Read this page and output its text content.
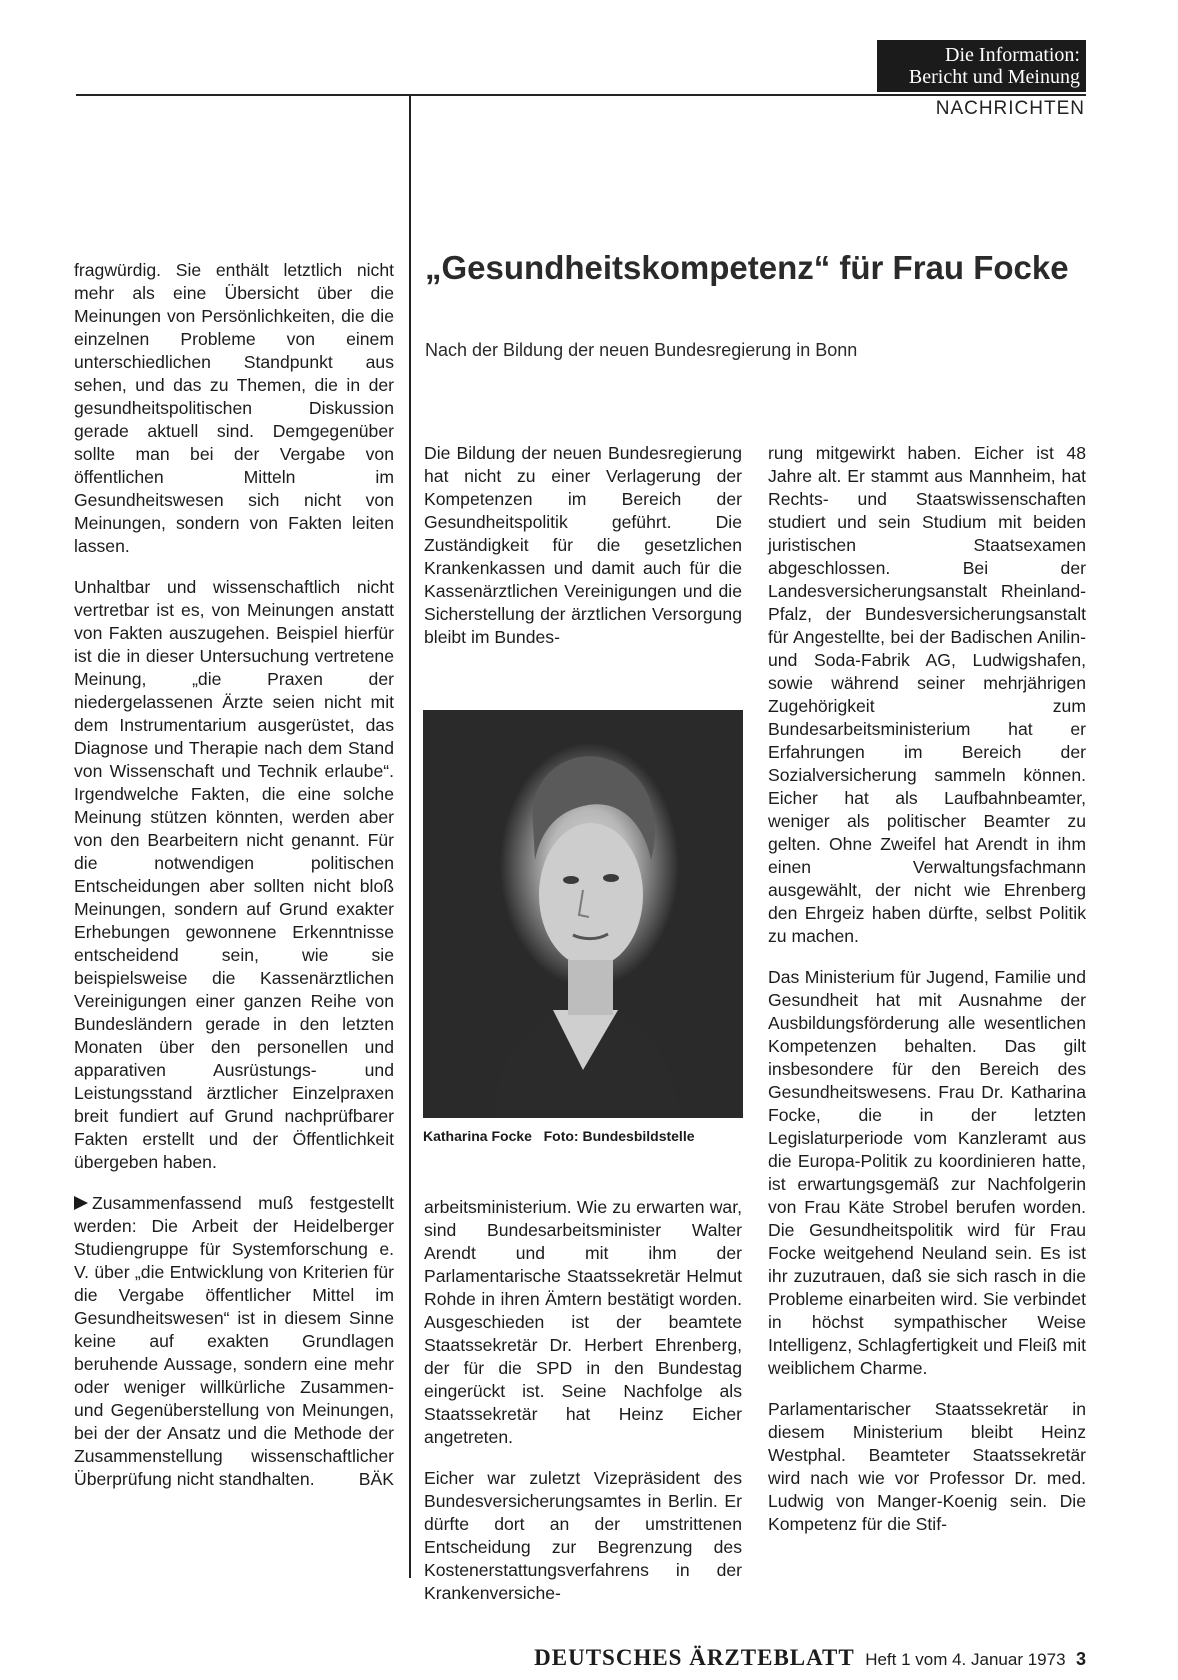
Die Information:
Bericht und Meinung
NACHRICHTEN

fragwürdig. Sie enthält letztlich nicht mehr als eine Übersicht über die Meinungen von Persönlichkeiten, die die einzelnen Probleme von einem unterschiedlichen Standpunkt aus sehen, und das zu Themen, die in der gesundheitspolitischen Diskussion gerade aktuell sind. Demgegenüber sollte man bei der Vergabe von öffentlichen Mitteln im Gesundheitswesen sich nicht von Meinungen, sondern von Fakten leiten lassen.

Unhaltbar und wissenschaftlich nicht vertretbar ist es, von Meinungen anstatt von Fakten auszugehen. Beispiel hierfür ist die in dieser Untersuchung vertretene Meinung, „die Praxen der niedergelassenen Ärzte seien nicht mit dem Instrumentarium ausgerüstet, das Diagnose und Therapie nach dem Stand von Wissenschaft und Technik erlaube“. Irgendwelche Fakten, die eine solche Meinung stützen könnten, werden aber von den Bearbeitern nicht genannt. Für die notwendigen politischen Entscheidungen aber sollten nicht bloß Meinungen, sondern auf Grund exakter Erhebungen gewonnene Erkenntnisse entscheidend sein, wie sie beispielsweise die Kassenärztlichen Vereinigungen einer ganzen Reihe von Bundesländern gerade in den letzten Monaten über den personellen und apparativen Ausrüstungs- und Leistungsstand ärztlicher Einzelpraxen breit fundiert auf Grund nachprüfbarer Fakten erstellt und der Öffentlichkeit übergeben haben.

Zusammenfassend muß festgestellt werden: Die Arbeit der Heidelberger Studiengruppe für Systemforschung e. V. über „die Entwicklung von Kriterien für die Vergabe öffentlicher Mittel im Gesundheitswesen“ ist in diesem Sinne keine auf exakten Grundlagen beruhende Aussage, sondern eine mehr oder weniger willkürliche Zusammen- und Gegenüberstellung von Meinungen, bei der der Ansatz und die Methode der Zusammenstellung wissenschaftlicher Überprüfung nicht standhalten.	BÄK

„Gesundheitskompetenz“ für Frau Focke
Nach der Bildung der neuen Bundesregierung in Bonn

Die Bildung der neuen Bundesregierung hat nicht zu einer Verlagerung der Kompetenzen im Bereich der Gesundheitspolitik geführt. Die Zuständigkeit für die gesetzlichen Krankenkassen und damit auch für die Kassenärztlichen Vereinigungen und die Sicherstellung der ärztlichen Versorgung bleibt im Bundes-

Katharina Focke Foto: Bundesbildstelle

arbeitsministerium. Wie zu erwarten war, sind Bundesarbeitsminister Walter Arendt und mit ihm der Parlamentarische Staatssekretär Helmut Rohde in ihren Ämtern bestätigt worden. Ausgeschieden ist der beamtete Staatssekretär Dr. Herbert Ehrenberg, der für die SPD in den Bundestag eingerückt ist. Seine Nachfolge als Staatssekretär hat Heinz Eicher angetreten.

Eicher war zuletzt Vizepräsident des Bundesversicherungsamtes in Berlin. Er dürfte dort an der umstrittenen Entscheidung zur Begrenzung des Kostenerstattungsverfahrens in der Krankenversiche-

rung mitgewirkt haben. Eicher ist 48 Jahre alt. Er stammt aus Mannheim, hat Rechts- und Staatswissenschaften studiert und sein Studium mit beiden juristischen Staatsexamen abgeschlossen. Bei der Landesversicherungsanstalt Rheinland-Pfalz, der Bundesversicherungsanstalt für Angestellte, bei der Badischen Anilin- und Soda-Fabrik AG, Ludwigshafen, sowie während seiner mehrjährigen Zugehörigkeit zum Bundesarbeitsministerium hat er Erfahrungen im Bereich der Sozialversicherung sammeln können. Eicher hat als Laufbahnbeamter, weniger als politischer Beamter zu gelten. Ohne Zweifel hat Arendt in ihm einen Verwaltungsfachmann ausgewählt, der nicht wie Ehrenberg den Ehrgeiz haben dürfte, selbst Politik zu machen.

Das Ministerium für Jugend, Familie und Gesundheit hat mit Ausnahme der Ausbildungsförderung alle wesentlichen Kompetenzen behalten. Das gilt insbesondere für den Bereich des Gesundheitswesens. Frau Dr. Katharina Focke, die in der letzten Legislaturperiode vom Kanzleramt aus die Europa-Politik zu koordinieren hatte, ist erwartungsgemäß zur Nachfolgerin von Frau Käte Strobel berufen worden. Die Gesundheitspolitik wird für Frau Focke weitgehend Neuland sein. Es ist ihr zuzutrauen, daß sie sich rasch in die Probleme einarbeiten wird. Sie verbindet in höchst sympathischer Weise Intelligenz, Schlagfertigkeit und Fleiß mit weiblichem Charme.

Parlamentarischer Staatssekretär in diesem Ministerium bleibt Heinz Westphal. Beamteter Staatssekretär wird nach wie vor Professor Dr. med. Ludwig von Manger-Koenig sein. Die Kompetenz für die Stif-

DEUTSCHES ÄRZTEBLATT Heft 1 vom 4. Januar 1973 3
